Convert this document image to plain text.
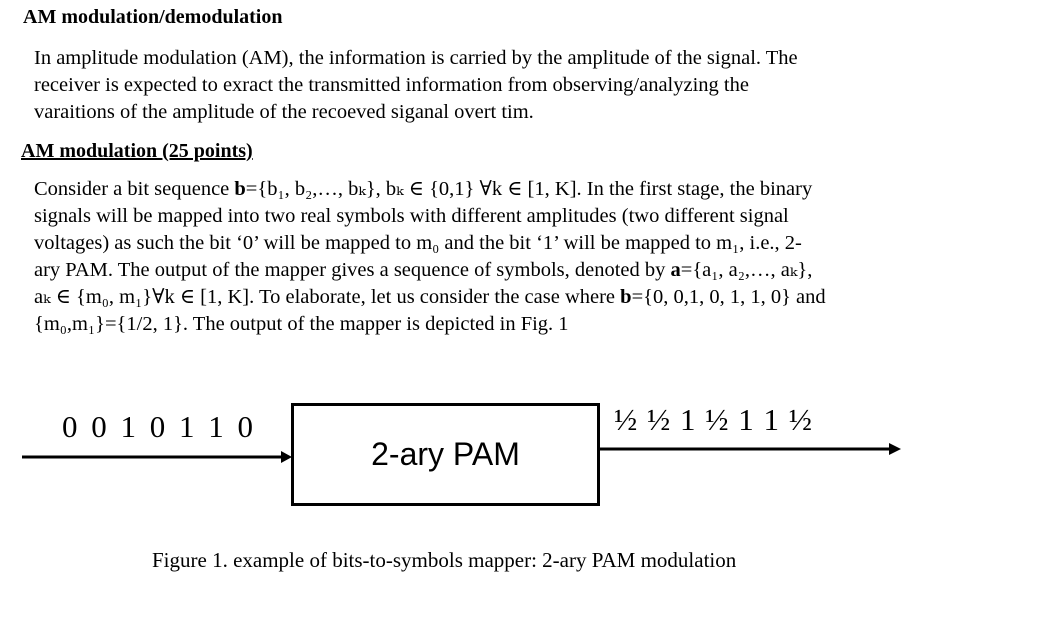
AM modulation/demodulation
In amplitude modulation (AM), the information is carried by the amplitude of the signal. The
receiver is expected to exract the transmitted information from observing/analyzing the
varaitions of the amplitude of the recoeved siganal overt tim.
AM modulation (25 points)
Consider a bit sequence b={b₁, b₂,…, bₖ}, bₖ ∈ {0,1} ∀k ∈ [1, K]. In the first stage, the binary
signals will be mapped into two real symbols with different amplitudes (two different signal
voltages) as such the bit ‘0’ will be mapped to m₀ and the bit ‘1’ will be mapped to m₁, i.e., 2-
ary PAM. The output of the mapper gives a sequence of symbols, denoted by a={a₁, a₂,…, aₖ},
aₖ ∈ {m₀, m₁}∀k ∈ [1, K]. To elaborate, let us consider the case where b={0, 0,1, 0, 1, 1, 0} and
{m₀,m₁}={1/2, 1}. The output of the mapper is depicted in Fig. 1
0 0 1 0 1 1 0
2-ary PAM
½ ½ 1 ½ 1 1 ½
Figure 1. example of bits-to-symbols mapper: 2-ary PAM modulation
